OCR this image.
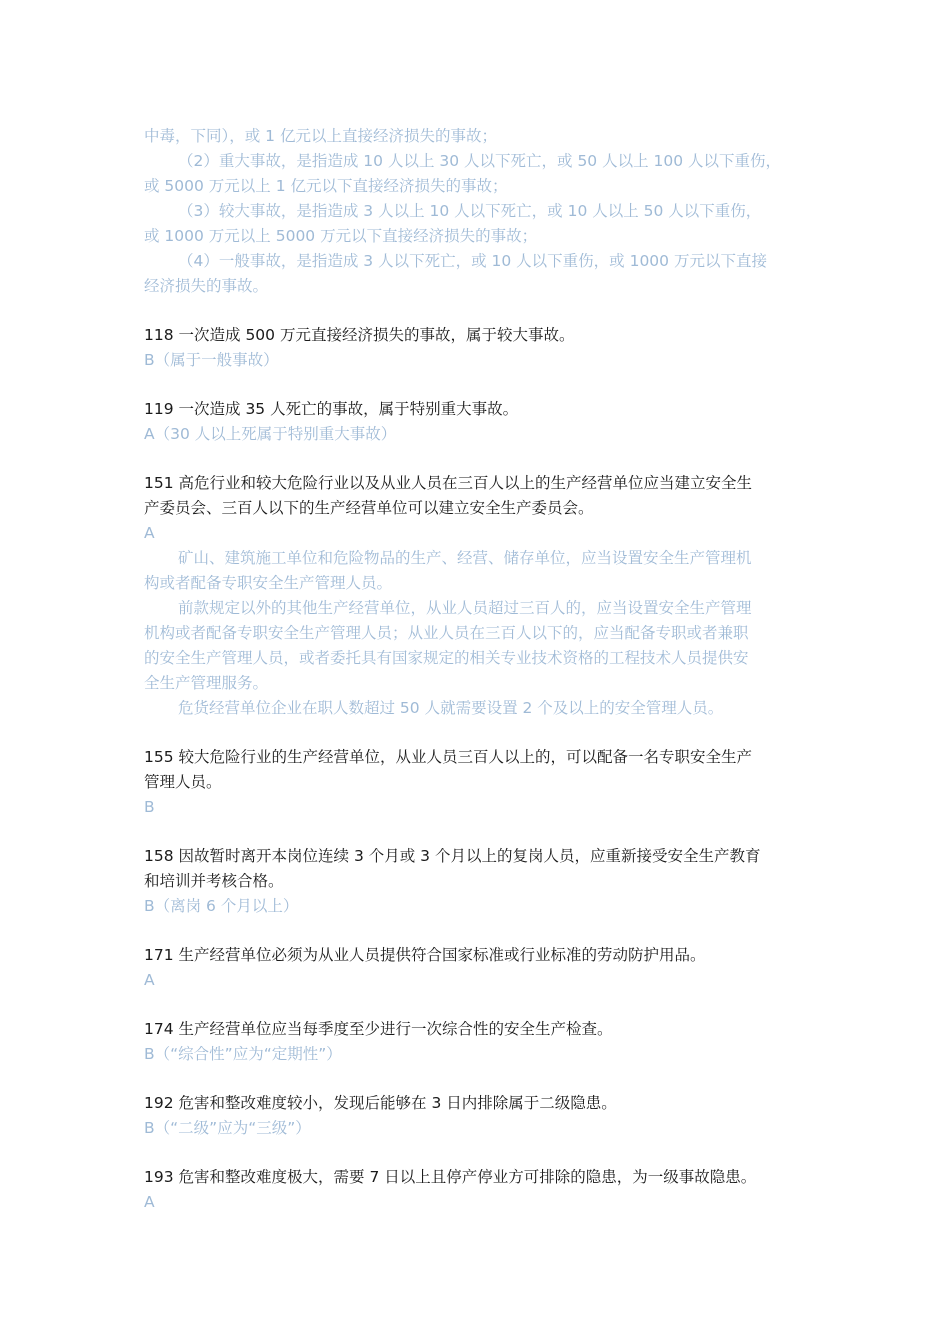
中毒，下同），或 1 亿元以上直接经济损失的事故；

（2）重大事故，是指造成 10 人以上 30 人以下死亡，或 50 人以上 100 人以下重伤，

或 5000 万元以上 1 亿元以下直接经济损失的事故；

（3）较大事故，是指造成 3 人以上 10 人以下死亡，或 10 人以上 50 人以下重伤，

或 1000 万元以上 5000 万元以下直接经济损失的事故；

（4）一般事故，是指造成 3 人以下死亡，或 10 人以下重伤，或 1000 万元以下直接

经济损失的事故。

118 一次造成 500 万元直接经济损失的事故，属于较大事故。

B（属于一般事故）

119 一次造成 35 人死亡的事故，属于特别重大事故。

A（30 人以上死属于特别重大事故）

151 高危行业和较大危险行业以及从业人员在三百人以上的生产经营单位应当建立安全生

产委员会、三百人以下的生产经营单位可以建立安全生产委员会。

A

矿山、建筑施工单位和危险物品的生产、经营、储存单位，应当设置安全生产管理机

构或者配备专职安全生产管理人员。

前款规定以外的其他生产经营单位，从业人员超过三百人的，应当设置安全生产管理

机构或者配备专职安全生产管理人员；从业人员在三百人以下的，应当配备专职或者兼职

的安全生产管理人员，或者委托具有国家规定的相关专业技术资格的工程技术人员提供安

全生产管理服务。

危货经营单位企业在职人数超过 50 人就需要设置 2 个及以上的安全管理人员。

155 较大危险行业的生产经营单位，从业人员三百人以上的，可以配备一名专职安全生产

管理人员。

B

158 因故暂时离开本岗位连续 3 个月或 3 个月以上的复岗人员，应重新接受安全生产教育

和培训并考核合格。

B（离岗 6 个月以上）

171 生产经营单位必须为从业人员提供符合国家标准或行业标准的劳动防护用品。

A

174 生产经营单位应当每季度至少进行一次综合性的安全生产检查。

B（“综合性”应为“定期性”）

192 危害和整改难度较小，发现后能够在 3 日内排除属于二级隐患。

B（“二级”应为“三级”）

193 危害和整改难度极大，需要 7 日以上且停产停业方可排除的隐患，为一级事故隐患。

A
